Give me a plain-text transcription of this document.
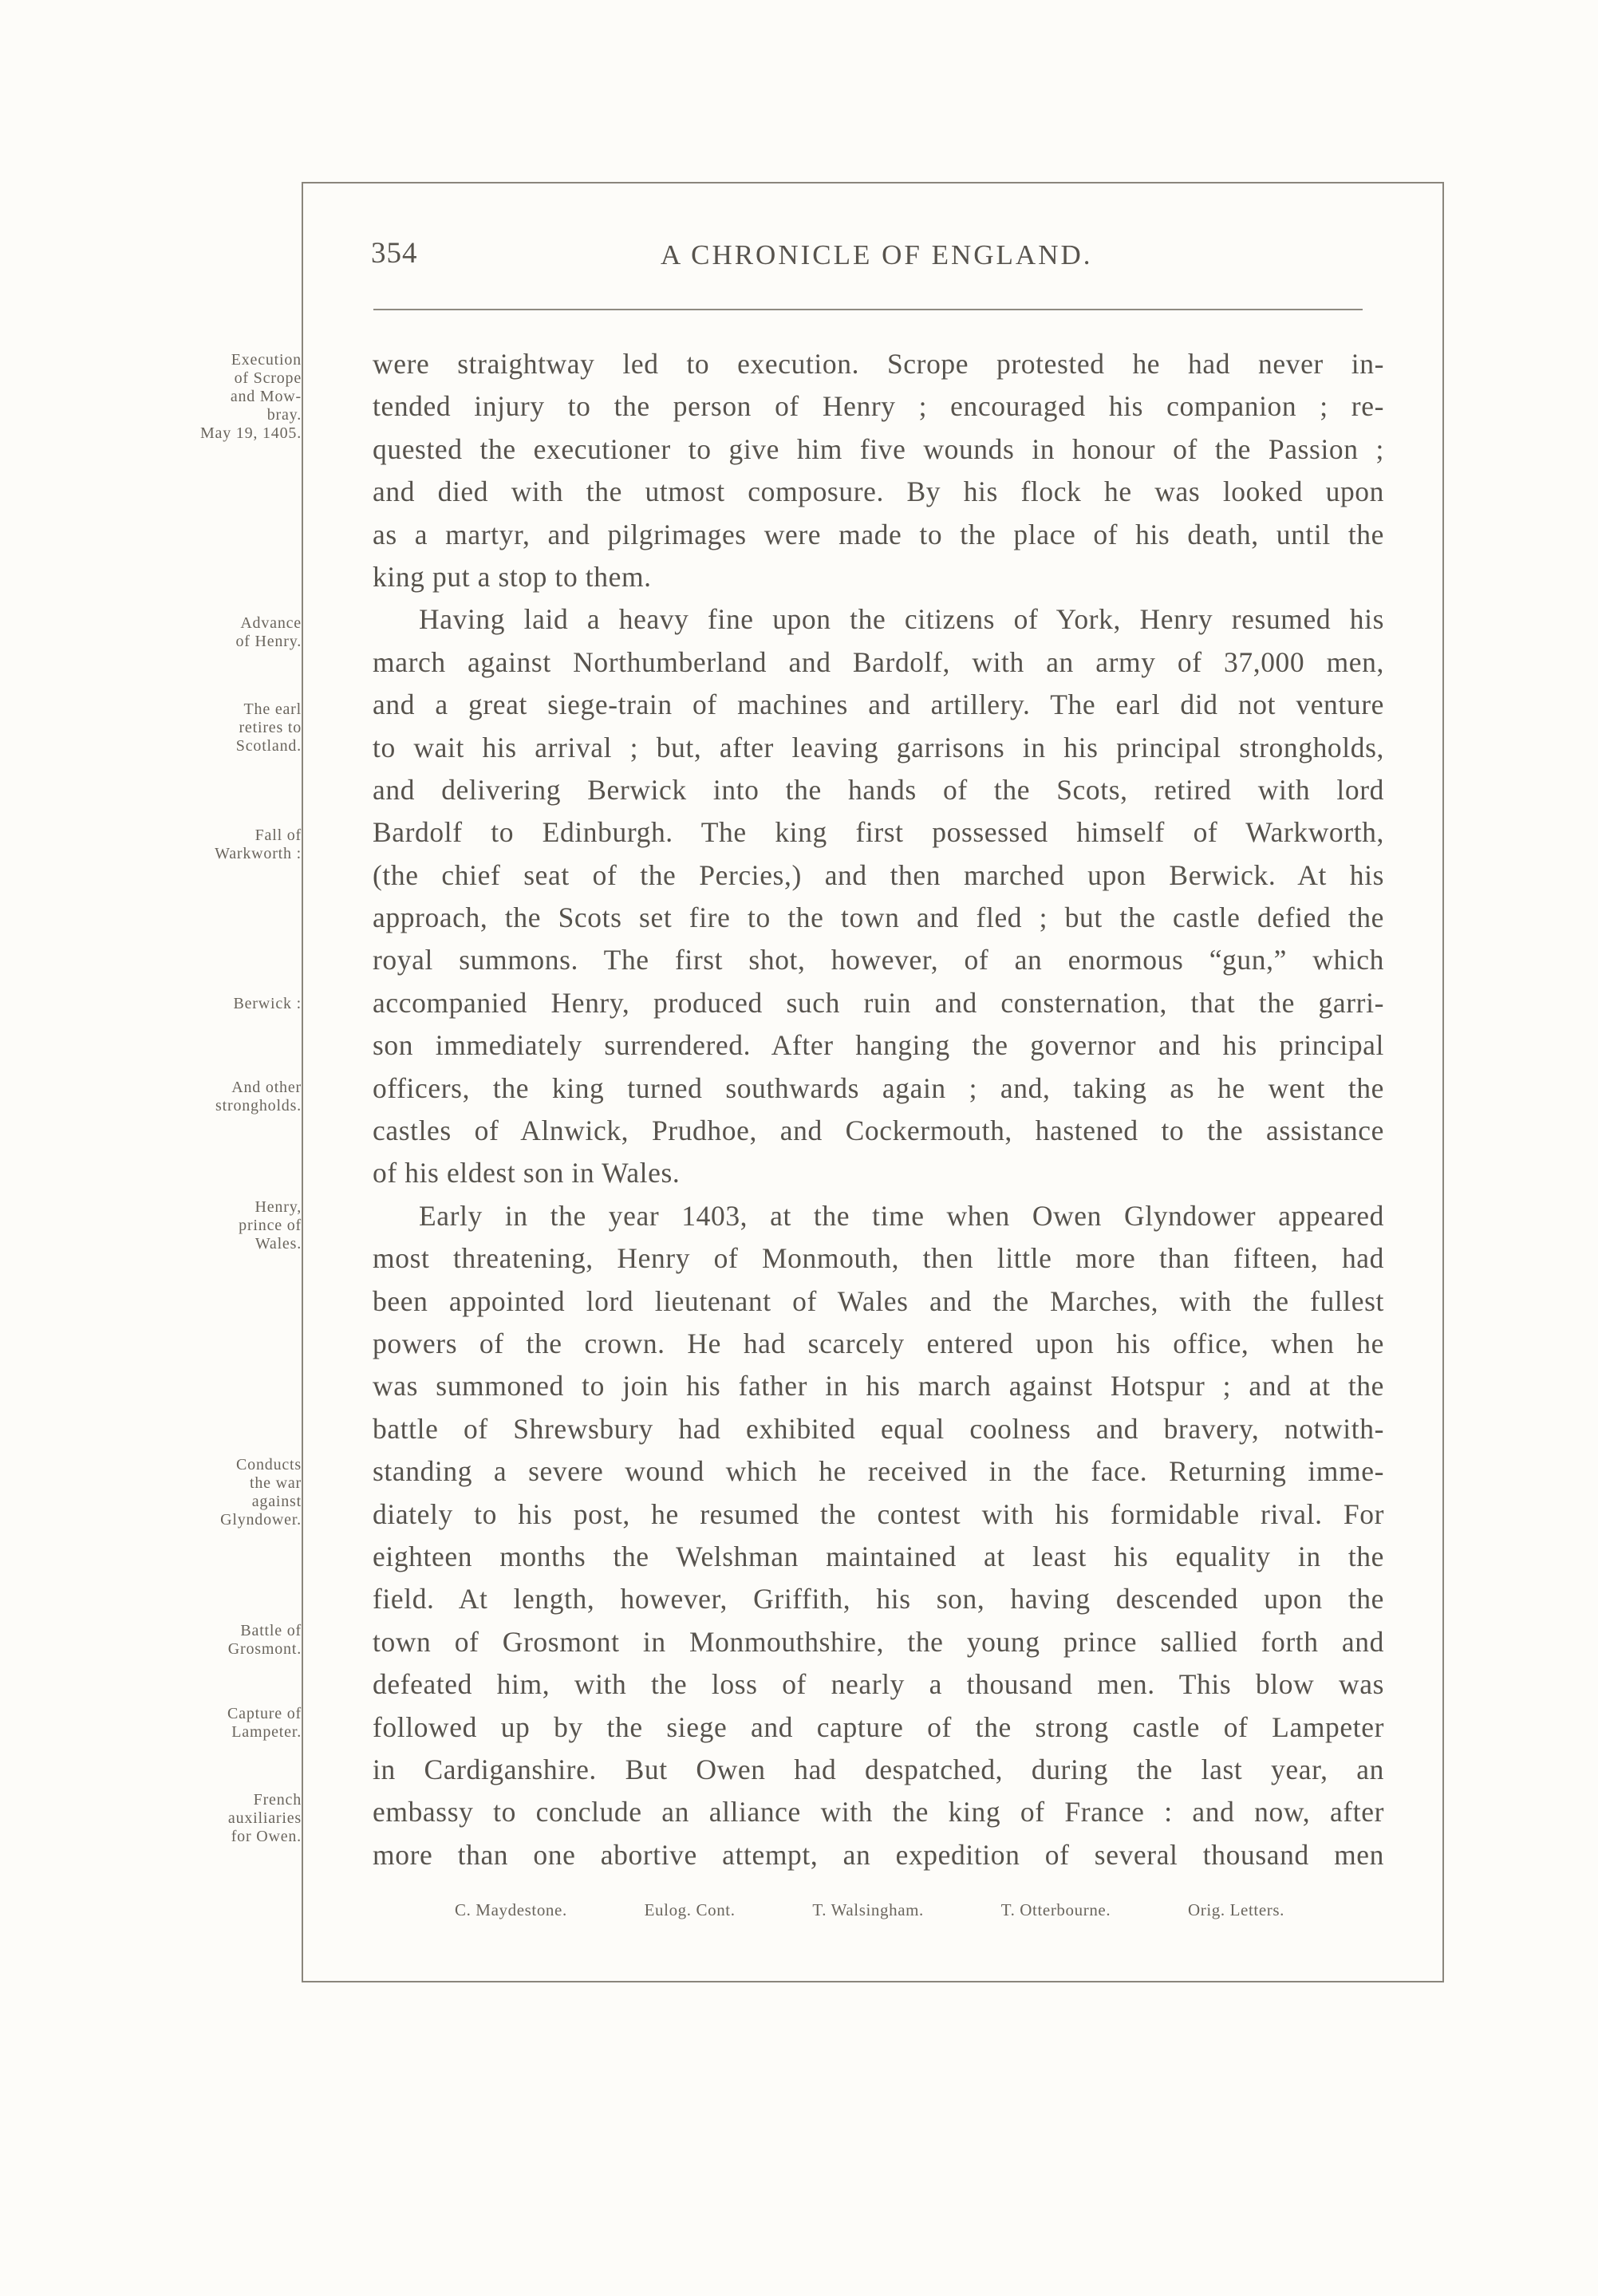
354	A CHRONICLE OF ENGLAND.
Execution
of Scrope
and Mow-
bray.
May 19, 1405.
Advance
of Henry.
The earl
retires to
Scotland.
Fall of
Warkworth :
Berwick :
And other
strongholds.
Henry,
prince of
Wales.
Conducts
the war
against
Glyndower.
Battle of
Grosmont.
Capture of
Lampeter.
French
auxiliaries
for Owen.
were straightway led to execution. Scrope protested he had never in-
tended injury to the person of Henry ; encouraged his companion ; re-
quested the executioner to give him five wounds in honour of the Passion ;
and died with the utmost composure. By his flock he was looked upon
as a martyr, and pilgrimages were made to the place of his death, until the
king put a stop to them.
Having laid a heavy fine upon the citizens of York, Henry resumed his
march against Northumberland and Bardolf, with an army of 37,000 men,
and a great siege-train of machines and artillery. The earl did not venture
to wait his arrival ; but, after leaving garrisons in his principal strongholds,
and delivering Berwick into the hands of the Scots, retired with lord
Bardolf to Edinburgh. The king first possessed himself of Warkworth,
(the chief seat of the Percies,) and then marched upon Berwick. At his
approach, the Scots set fire to the town and fled ; but the castle defied the
royal summons. The first shot, however, of an enormous “gun,” which
accompanied Henry, produced such ruin and consternation, that the garri-
son immediately surrendered. After hanging the governor and his principal
officers, the king turned southwards again ; and, taking as he went the
castles of Alnwick, Prudhoe, and Cockermouth, hastened to the assistance
of his eldest son in Wales.
Early in the year 1403, at the time when Owen Glyndower appeared
most threatening, Henry of Monmouth, then little more than fifteen, had
been appointed lord lieutenant of Wales and the Marches, with the fullest
powers of the crown. He had scarcely entered upon his office, when he
was summoned to join his father in his march against Hotspur ; and at the
battle of Shrewsbury had exhibited equal coolness and bravery, notwith-
standing a severe wound which he received in the face. Returning imme-
diately to his post, he resumed the contest with his formidable rival. For
eighteen months the Welshman maintained at least his equality in the
field. At length, however, Griffith, his son, having descended upon the
town of Grosmont in Monmouthshire, the young prince sallied forth and
defeated him, with the loss of nearly a thousand men. This blow was
followed up by the siege and capture of the strong castle of Lampeter
in Cardiganshire. But Owen had despatched, during the last year, an
embassy to conclude an alliance with the king of France : and now, after
more than one abortive attempt, an expedition of several thousand men
C. Maydestone.	Eulog. Cont.	T. Walsingham.	T. Otterbourne.	Orig. Letters.
